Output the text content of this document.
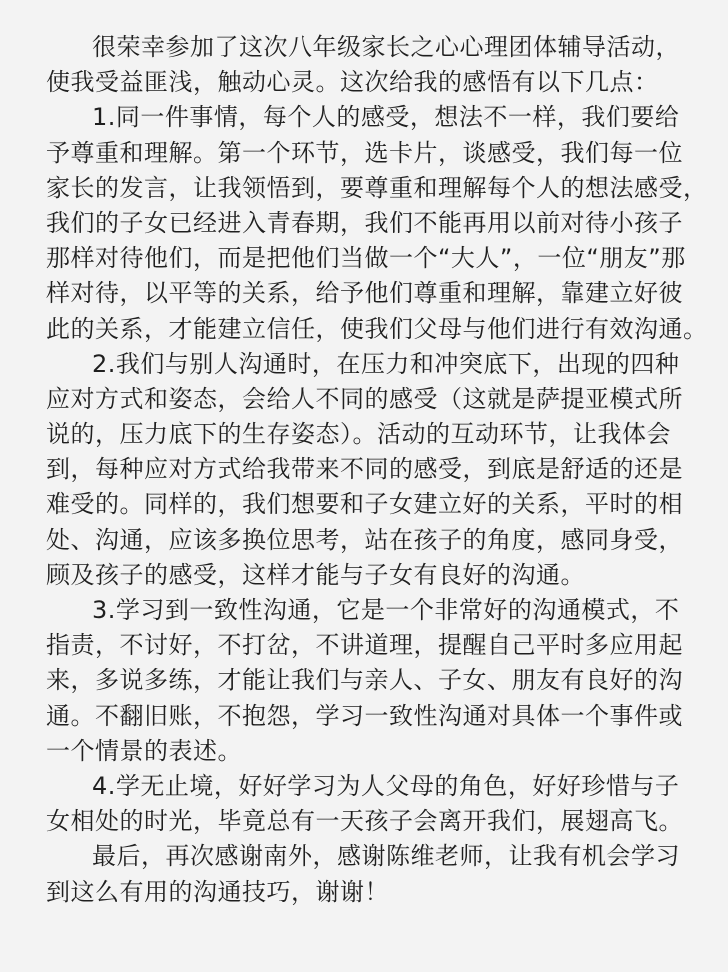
很荣幸参加了这次八年级家长之心心理团体辅导活动，
使我受益匪浅，触动心灵。这次给我的感悟有以下几点：
1.同一件事情，每个人的感受，想法不一样，我们要给
予尊重和理解。第一个环节，选卡片，谈感受，我们每一位
家长的发言，让我领悟到，要尊重和理解每个人的想法感受，
我们的子女已经进入青春期，我们不能再用以前对待小孩子
那样对待他们，而是把他们当做一个“大人”，一位“朋友”那
样对待，以平等的关系，给予他们尊重和理解，靠建立好彼
此的关系，才能建立信任，使我们父母与他们进行有效沟通。
2.我们与别人沟通时，在压力和冲突底下，出现的四种
应对方式和姿态，会给人不同的感受（这就是萨提亚模式所
说的，压力底下的生存姿态）。活动的互动环节，让我体会
到，每种应对方式给我带来不同的感受，到底是舒适的还是
难受的。同样的，我们想要和子女建立好的关系，平时的相
处、沟通，应该多换位思考，站在孩子的角度，感同身受，
顾及孩子的感受，这样才能与子女有良好的沟通。
3.学习到一致性沟通，它是一个非常好的沟通模式，不
指责，不讨好，不打岔，不讲道理，提醒自己平时多应用起
来，多说多练，才能让我们与亲人、子女、朋友有良好的沟
通。不翻旧账，不抱怨，学习一致性沟通对具体一个事件或
一个情景的表述。
4.学无止境，好好学习为人父母的角色，好好珍惜与子
女相处的时光，毕竟总有一天孩子会离开我们，展翅高飞。
最后，再次感谢南外，感谢陈维老师，让我有机会学习
到这么有用的沟通技巧，谢谢！
